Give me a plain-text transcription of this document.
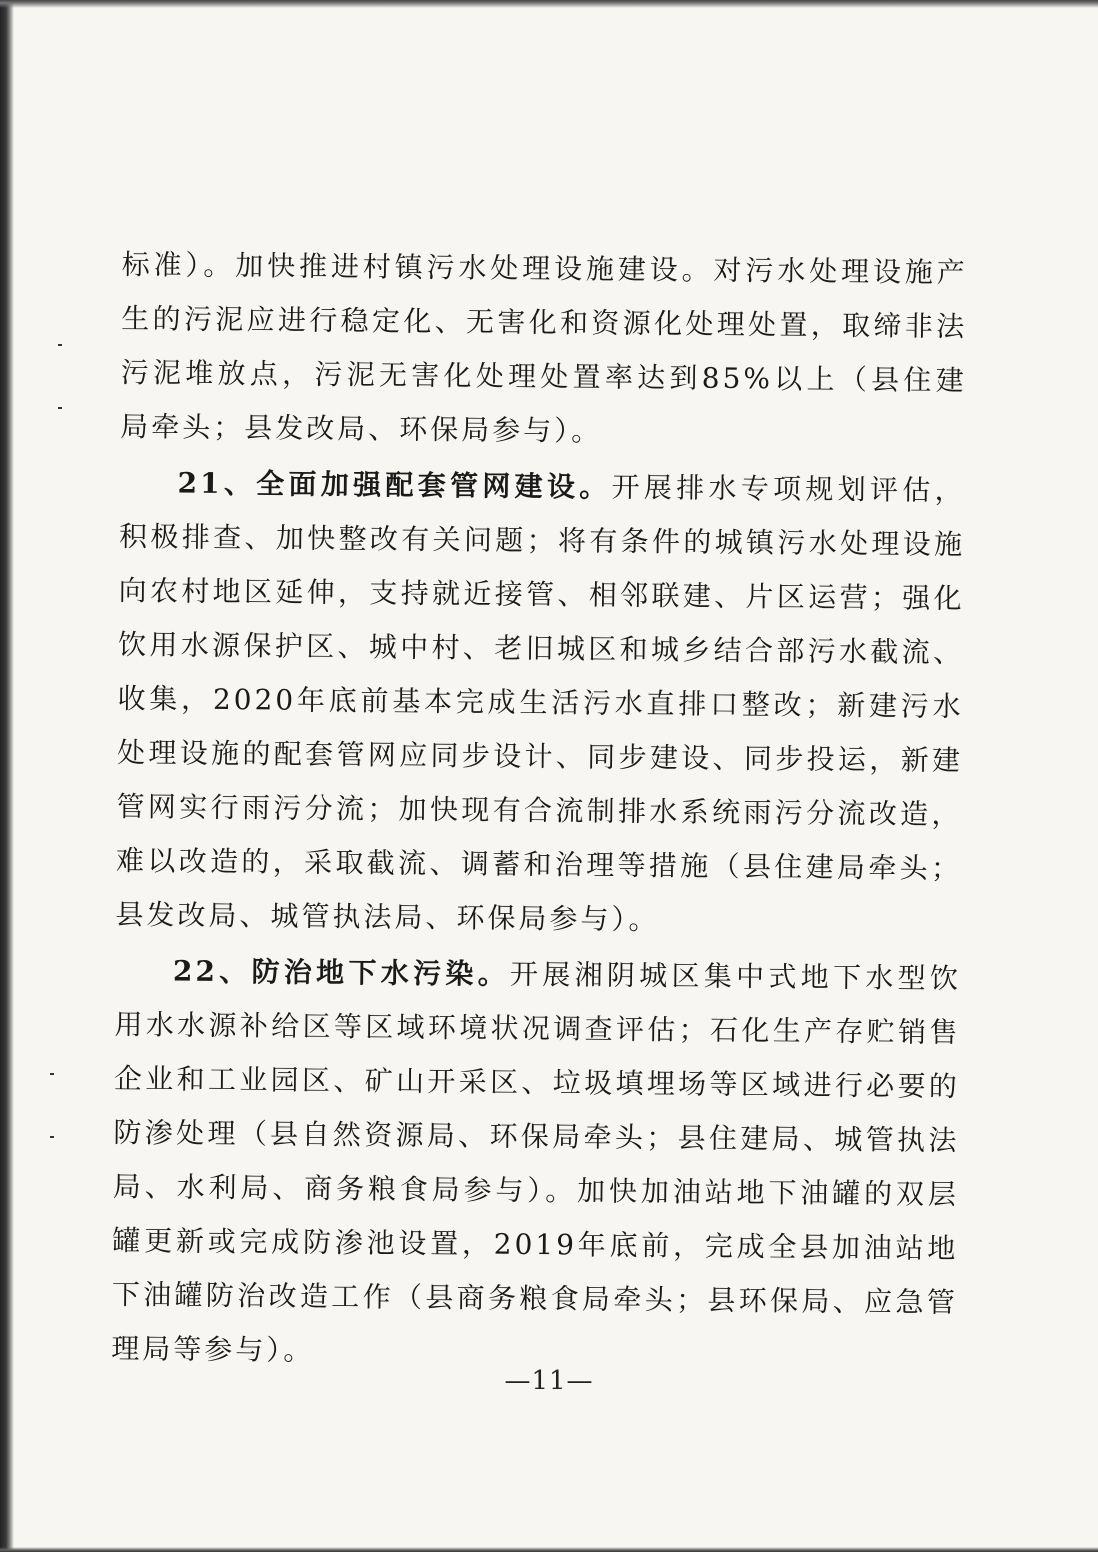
标准）。加快推进村镇污水处理设施建设。对污水处理设施产生的污泥应进行稳定化、无害化和资源化处理处置，取缔非法污泥堆放点，污泥无害化处理处置率达到85%以上（县住建局牵头；县发改局、环保局参与）。

21、全面加强配套管网建设。开展排水专项规划评估，积极排查、加快整改有关问题；将有条件的城镇污水处理设施向农村地区延伸，支持就近接管、相邻联建、片区运营；强化饮用水源保护区、城中村、老旧城区和城乡结合部污水截流、收集，2020年底前基本完成生活污水直排口整改；新建污水处理设施的配套管网应同步设计、同步建设、同步投运，新建管网实行雨污分流；加快现有合流制排水系统雨污分流改造，难以改造的，采取截流、调蓄和治理等措施（县住建局牵头；县发改局、城管执法局、环保局参与）。

22、防治地下水污染。开展湘阴城区集中式地下水型饮用水水源补给区等区域环境状况调查评估；石化生产存贮销售企业和工业园区、矿山开采区、垃圾填埋场等区域进行必要的防渗处理（县自然资源局、环保局牵头；县住建局、城管执法局、水利局、商务粮食局参与）。加快加油站地下油罐的双层罐更新或完成防渗池设置，2019年底前，完成全县加油站地下油罐防治改造工作（县商务粮食局牵头；县环保局、应急管理局等参与）。

—11—
